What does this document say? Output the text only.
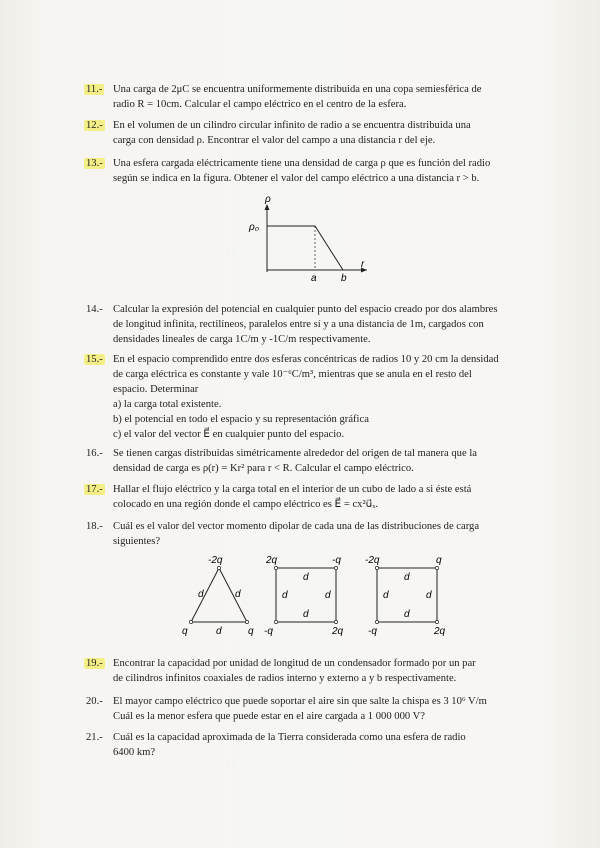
11.- Una carga de 2μC se encuentra uniformemente distribuida en una copa semiesférica de
radio R = 10cm. Calcular el campo eléctrico en el centro de la esfera.
12.- En el volumen de un cilindro circular infinito de radio a se encuentra distribuida una
carga con densidad ρ. Encontrar el valor del campo a una distancia r del eje.
13.- Una esfera cargada eléctricamente tiene una densidad de carga ρ que es función del radio
según se indica en la figura. Obtener el valor del campo eléctrico a una distancia r > b.
ρ
ρ₀
r
a b
14.- Calcular la expresión del potencial en cualquier punto del espacio creado por dos alambres
de longitud infinita, rectilíneos, paralelos entre sí y a una distancia de 1m, cargados con
densidades lineales de carga 1C/m y -1C/m respectivamente.
15.- En el espacio comprendido entre dos esferas concéntricas de radios 10 y 20 cm la densidad
de carga eléctrica es constante y vale 10⁻⁶C/m³, mientras que se anula en el resto del
espacio. Determinar
a) la carga total existente.
b) el potencial en todo el espacio y su representación gráfica
c) el valor del vector E⃗ en cualquier punto del espacio.
16.- Se tienen cargas distribuidas simétricamente alrededor del origen de tal manera que la
densidad de carga es ρ(r) = Kr² para r < R. Calcular el campo eléctrico.
17.- Hallar el flujo eléctrico y la carga total en el interior de un cubo de lado a si éste está
colocado en una región donde el campo eléctrico es E⃗ = cx²u⃗ₓ.
18.- Cuál es el valor del vector momento dipolar de cada una de las distribuciones de carga
siguientes?
-2q
q	q
d	d
d
2q	-q
-q	2q
d
d	d
d
-2q	q
-q	2q
d
d	d
d
19.- Encontrar la capacidad por unidad de longitud de un condensador formado por un par
de cilindros infinitos coaxiales de radios interno y externo a y b respectivamente.
20.- El mayor campo eléctrico que puede soportar el aire sin que salte la chispa es 3 10⁶ V/m
Cuál es la menor esfera que puede estar en el aire cargada a 1 000 000 V?
21.- Cuál es la capacidad aproximada de la Tierra considerada como una esfera de radio
6400 km?
